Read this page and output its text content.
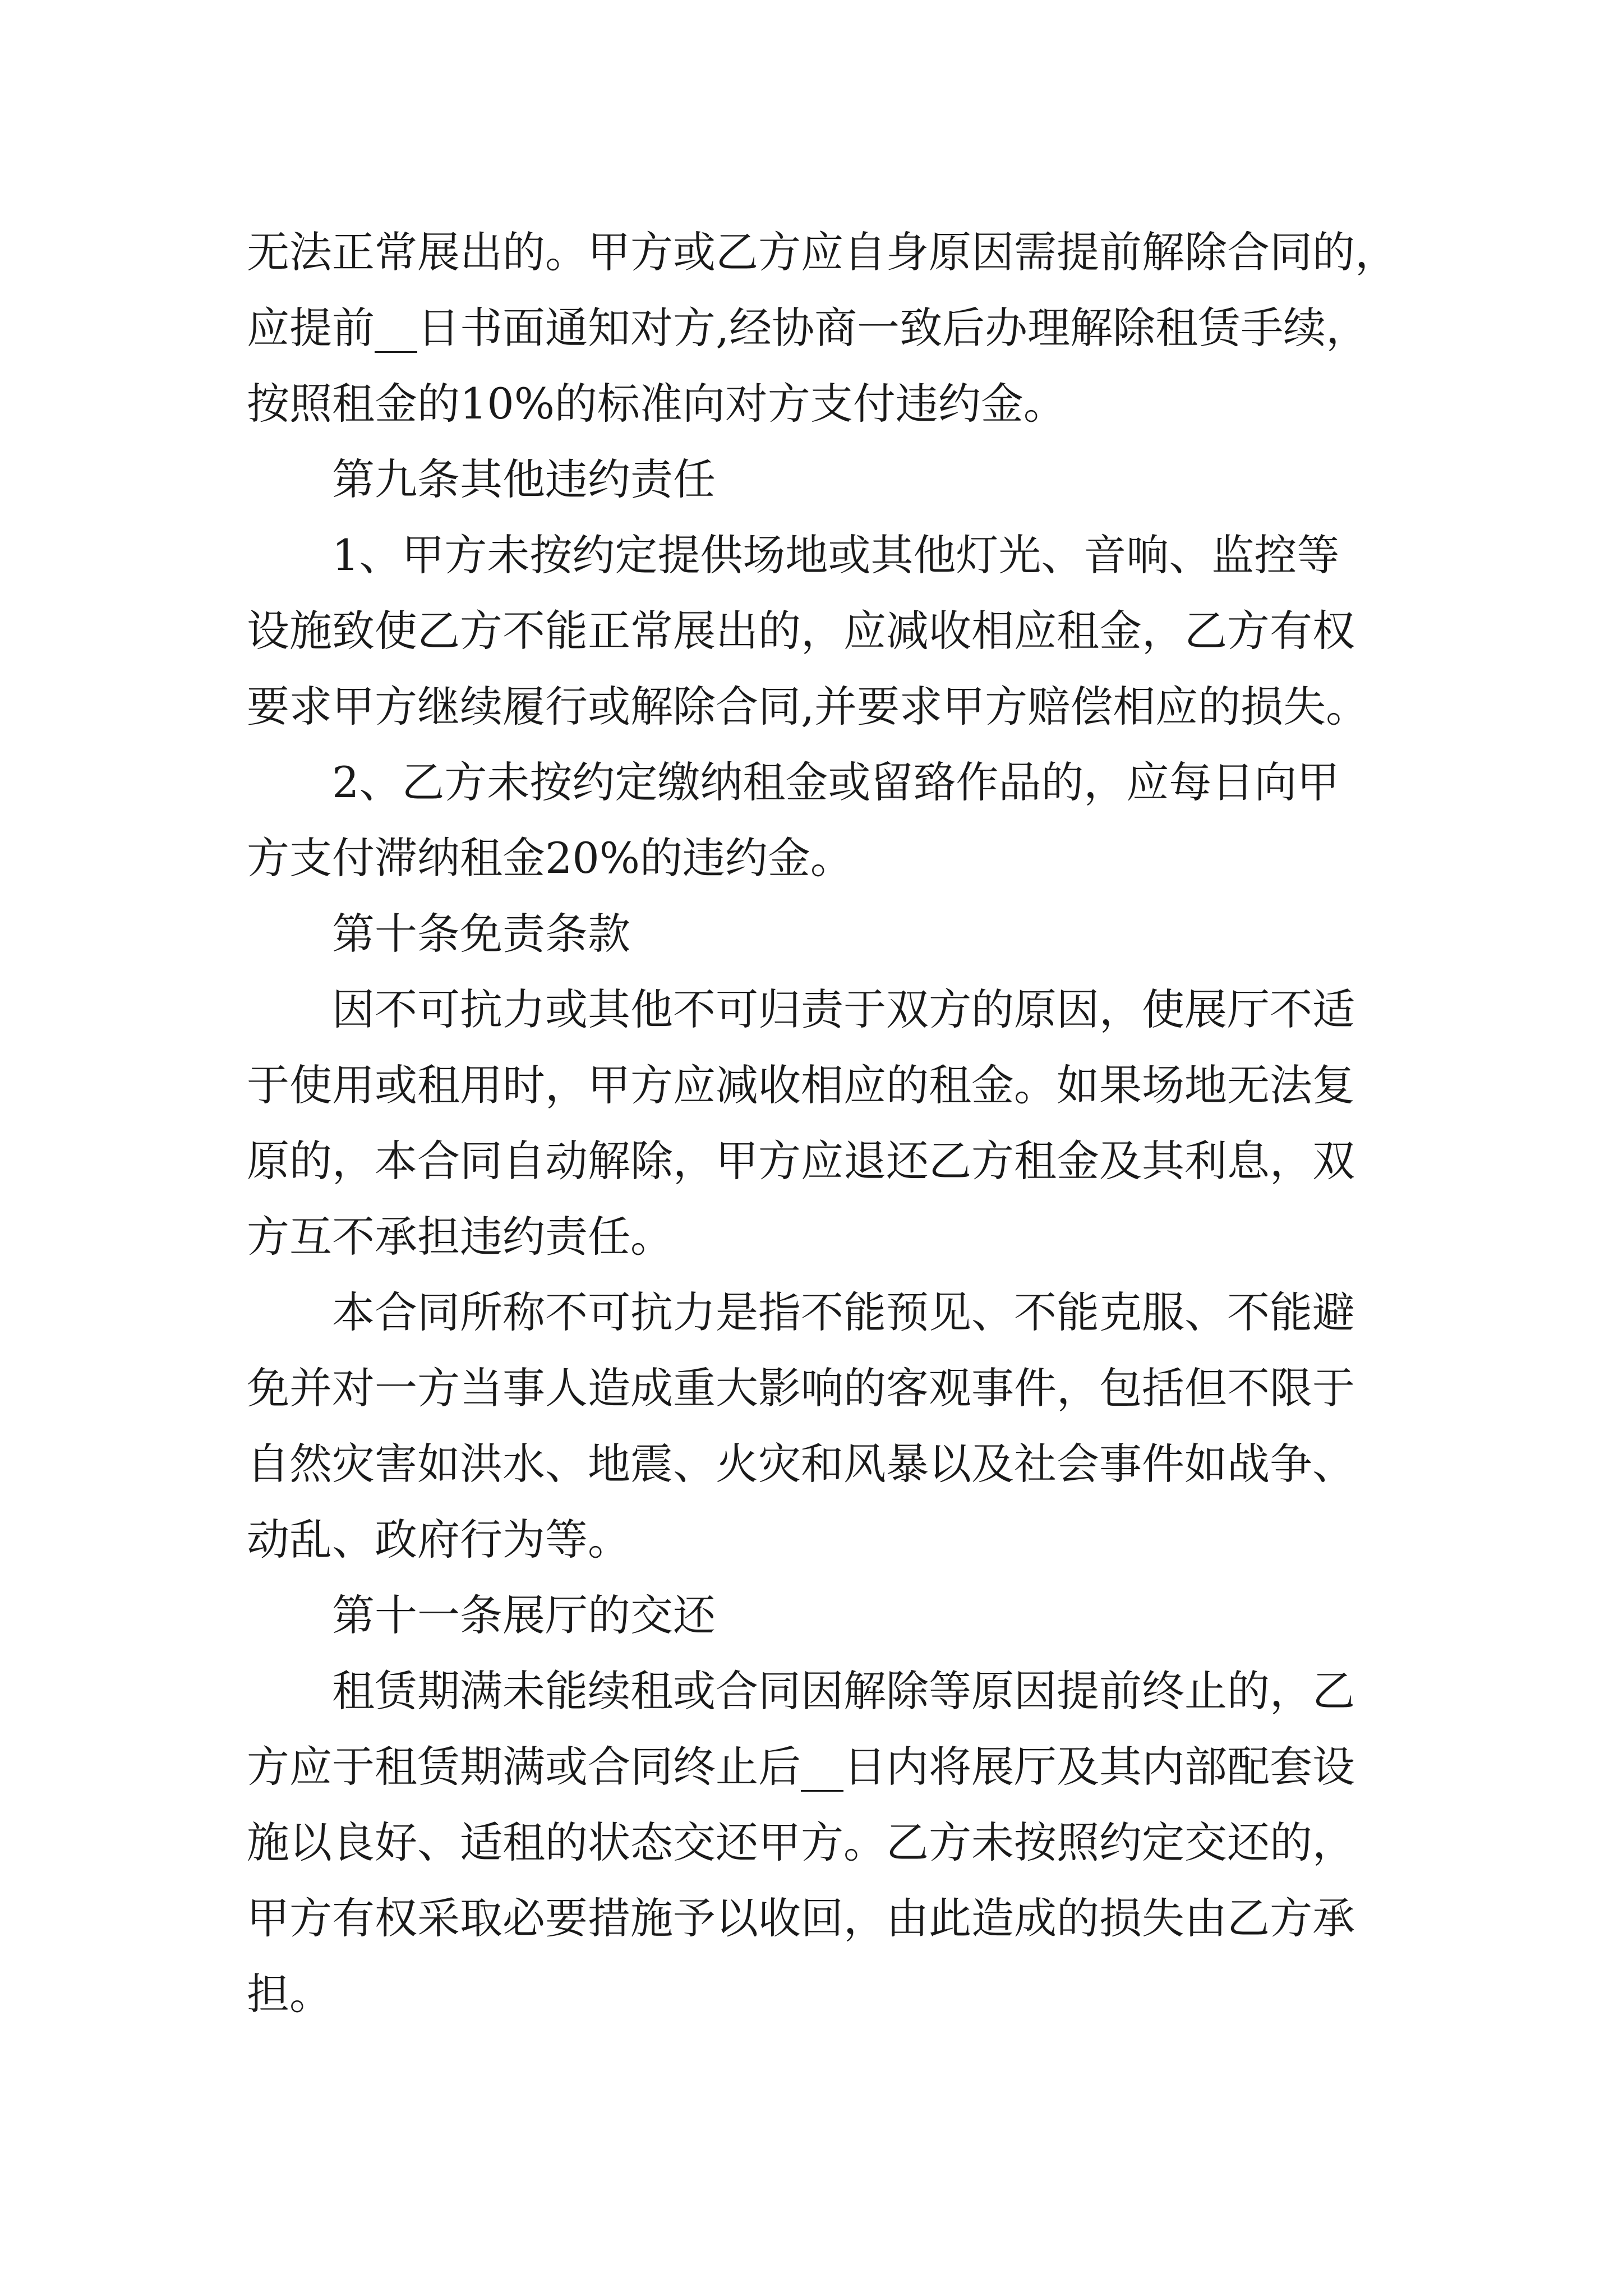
无法正常展出的。甲方或乙方应自身原因需提前解除合同的，

应提前__日书面通知对方,经协商一致后办理解除租赁手续，

按照租金的10%的标准向对方支付违约金。

第九条其他违约责任

1、甲方未按约定提供场地或其他灯光、音响、监控等

设施致使乙方不能正常展出的，应减收相应租金，乙方有权

要求甲方继续履行或解除合同,并要求甲方赔偿相应的损失。

2、乙方未按约定缴纳租金或留臵作品的，应每日向甲

方支付滞纳租金20%的违约金。

第十条免责条款

因不可抗力或其他不可归责于双方的原因，使展厅不适

于使用或租用时，甲方应减收相应的租金。如果场地无法复

原的，本合同自动解除，甲方应退还乙方租金及其利息，双

方互不承担违约责任。

本合同所称不可抗力是指不能预见、不能克服、不能避

免并对一方当事人造成重大影响的客观事件，包括但不限于

自然灾害如洪水、地震、火灾和风暴以及社会事件如战争、

动乱、政府行为等。

第十一条展厅的交还

租赁期满未能续租或合同因解除等原因提前终止的，乙

方应于租赁期满或合同终止后__日内将展厅及其内部配套设

施以良好、适租的状态交还甲方。乙方未按照约定交还的，

甲方有权采取必要措施予以收回，由此造成的损失由乙方承

担。
